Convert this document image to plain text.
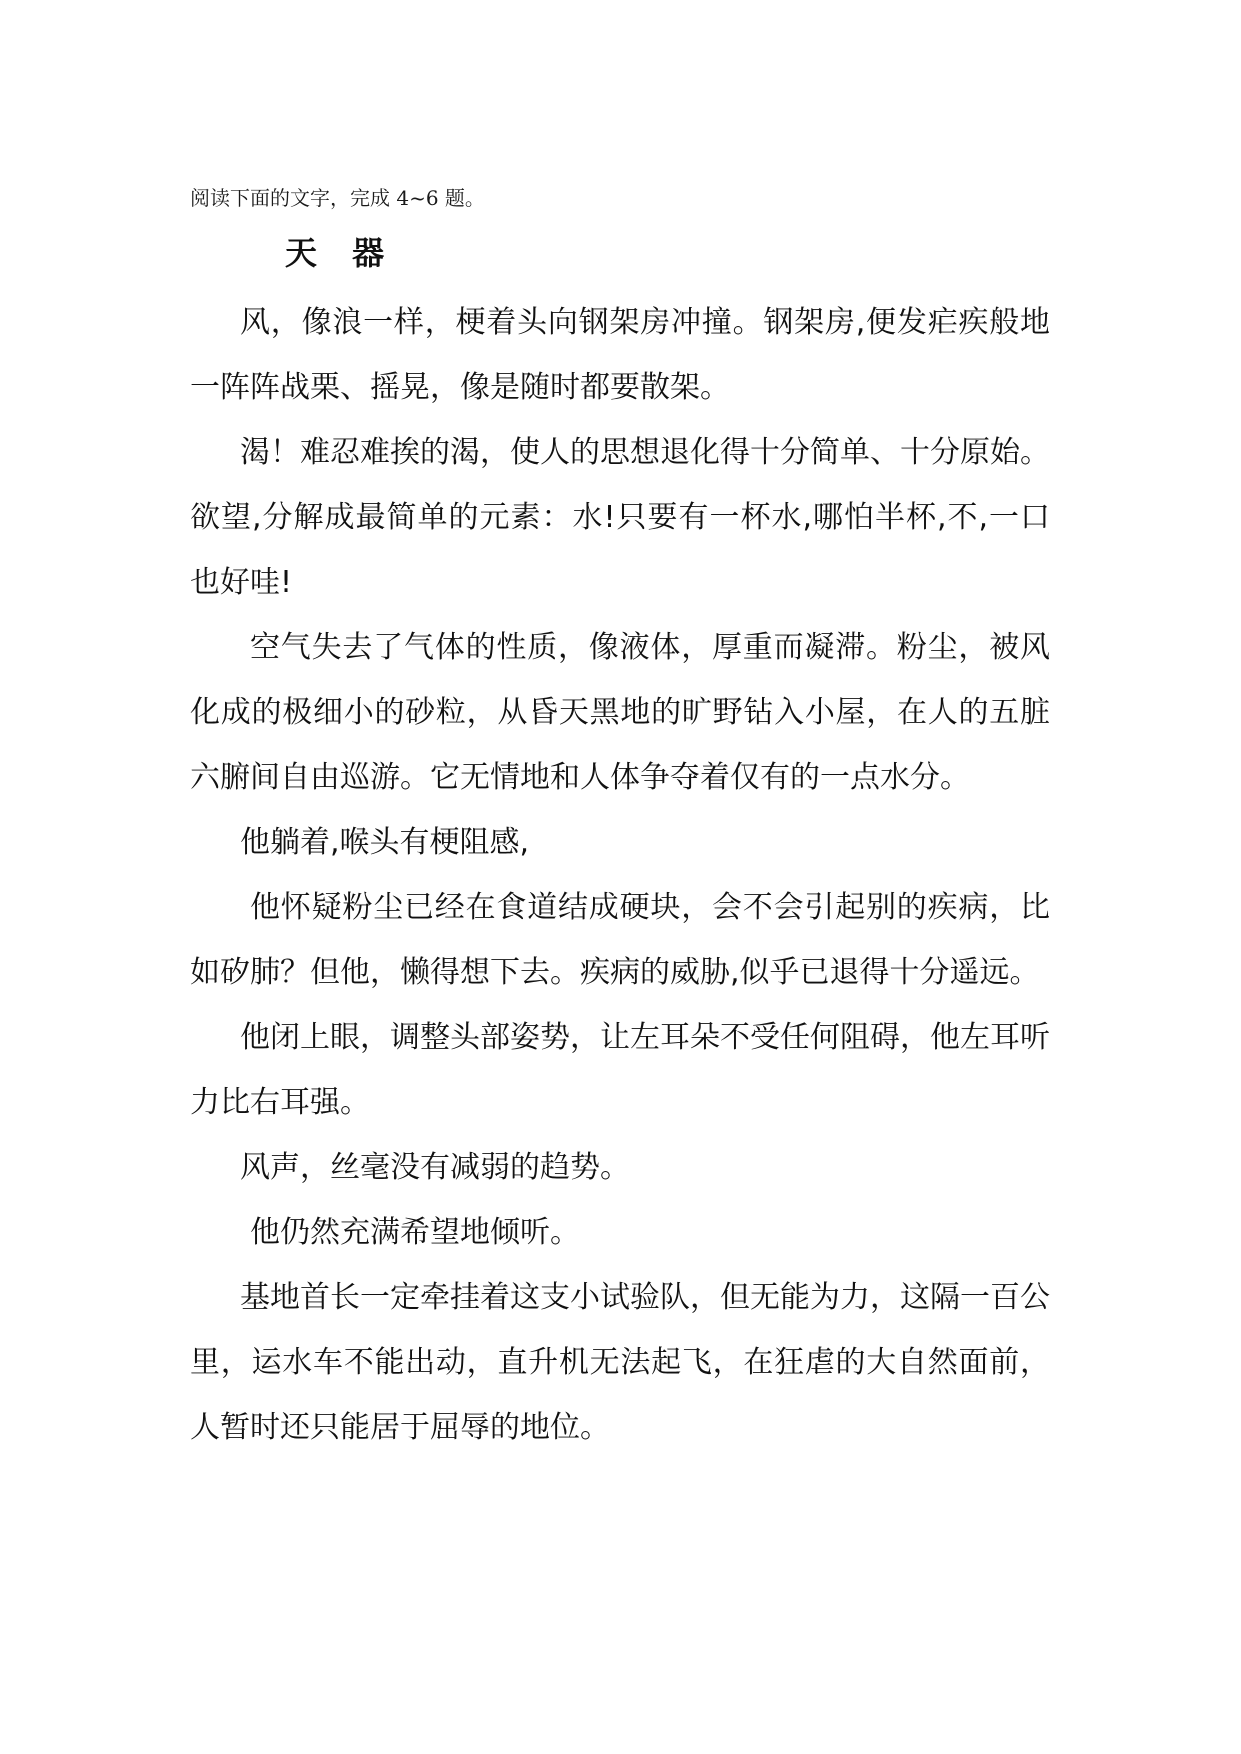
阅读下面的文字，完成 4~6 题。
天 器

风，像浪一样，梗着头向钢架房冲撞。钢架房,便发疟疾般地一阵阵战栗、摇晃，像是随时都要散架。

渴！难忍难挨的渴，使人的思想退化得十分简单、十分原始。欲望,分解成最简单的元素：水!只要有一杯水,哪怕半杯,不,一口也好哇!

空气失去了气体的性质，像液体，厚重而凝滞。粉尘，被风化成的极细小的砂粒，从昏天黑地的旷野钻入小屋，在人的五脏六腑间自由巡游。它无情地和人体争夺着仅有的一点水分。

他躺着,喉头有梗阻感,

他怀疑粉尘已经在食道结成硬块，会不会引起别的疾病，比如矽肺？但他，懒得想下去。疾病的威胁,似乎已退得十分遥远。

他闭上眼，调整头部姿势，让左耳朵不受任何阻碍，他左耳听力比右耳强。

风声，丝毫没有减弱的趋势。

他仍然充满希望地倾听。

基地首长一定牵挂着这支小试验队，但无能为力，这隔一百公里，运水车不能出动，直升机无法起飞，在狂虐的大自然面前，人暂时还只能居于屈辱的地位。
